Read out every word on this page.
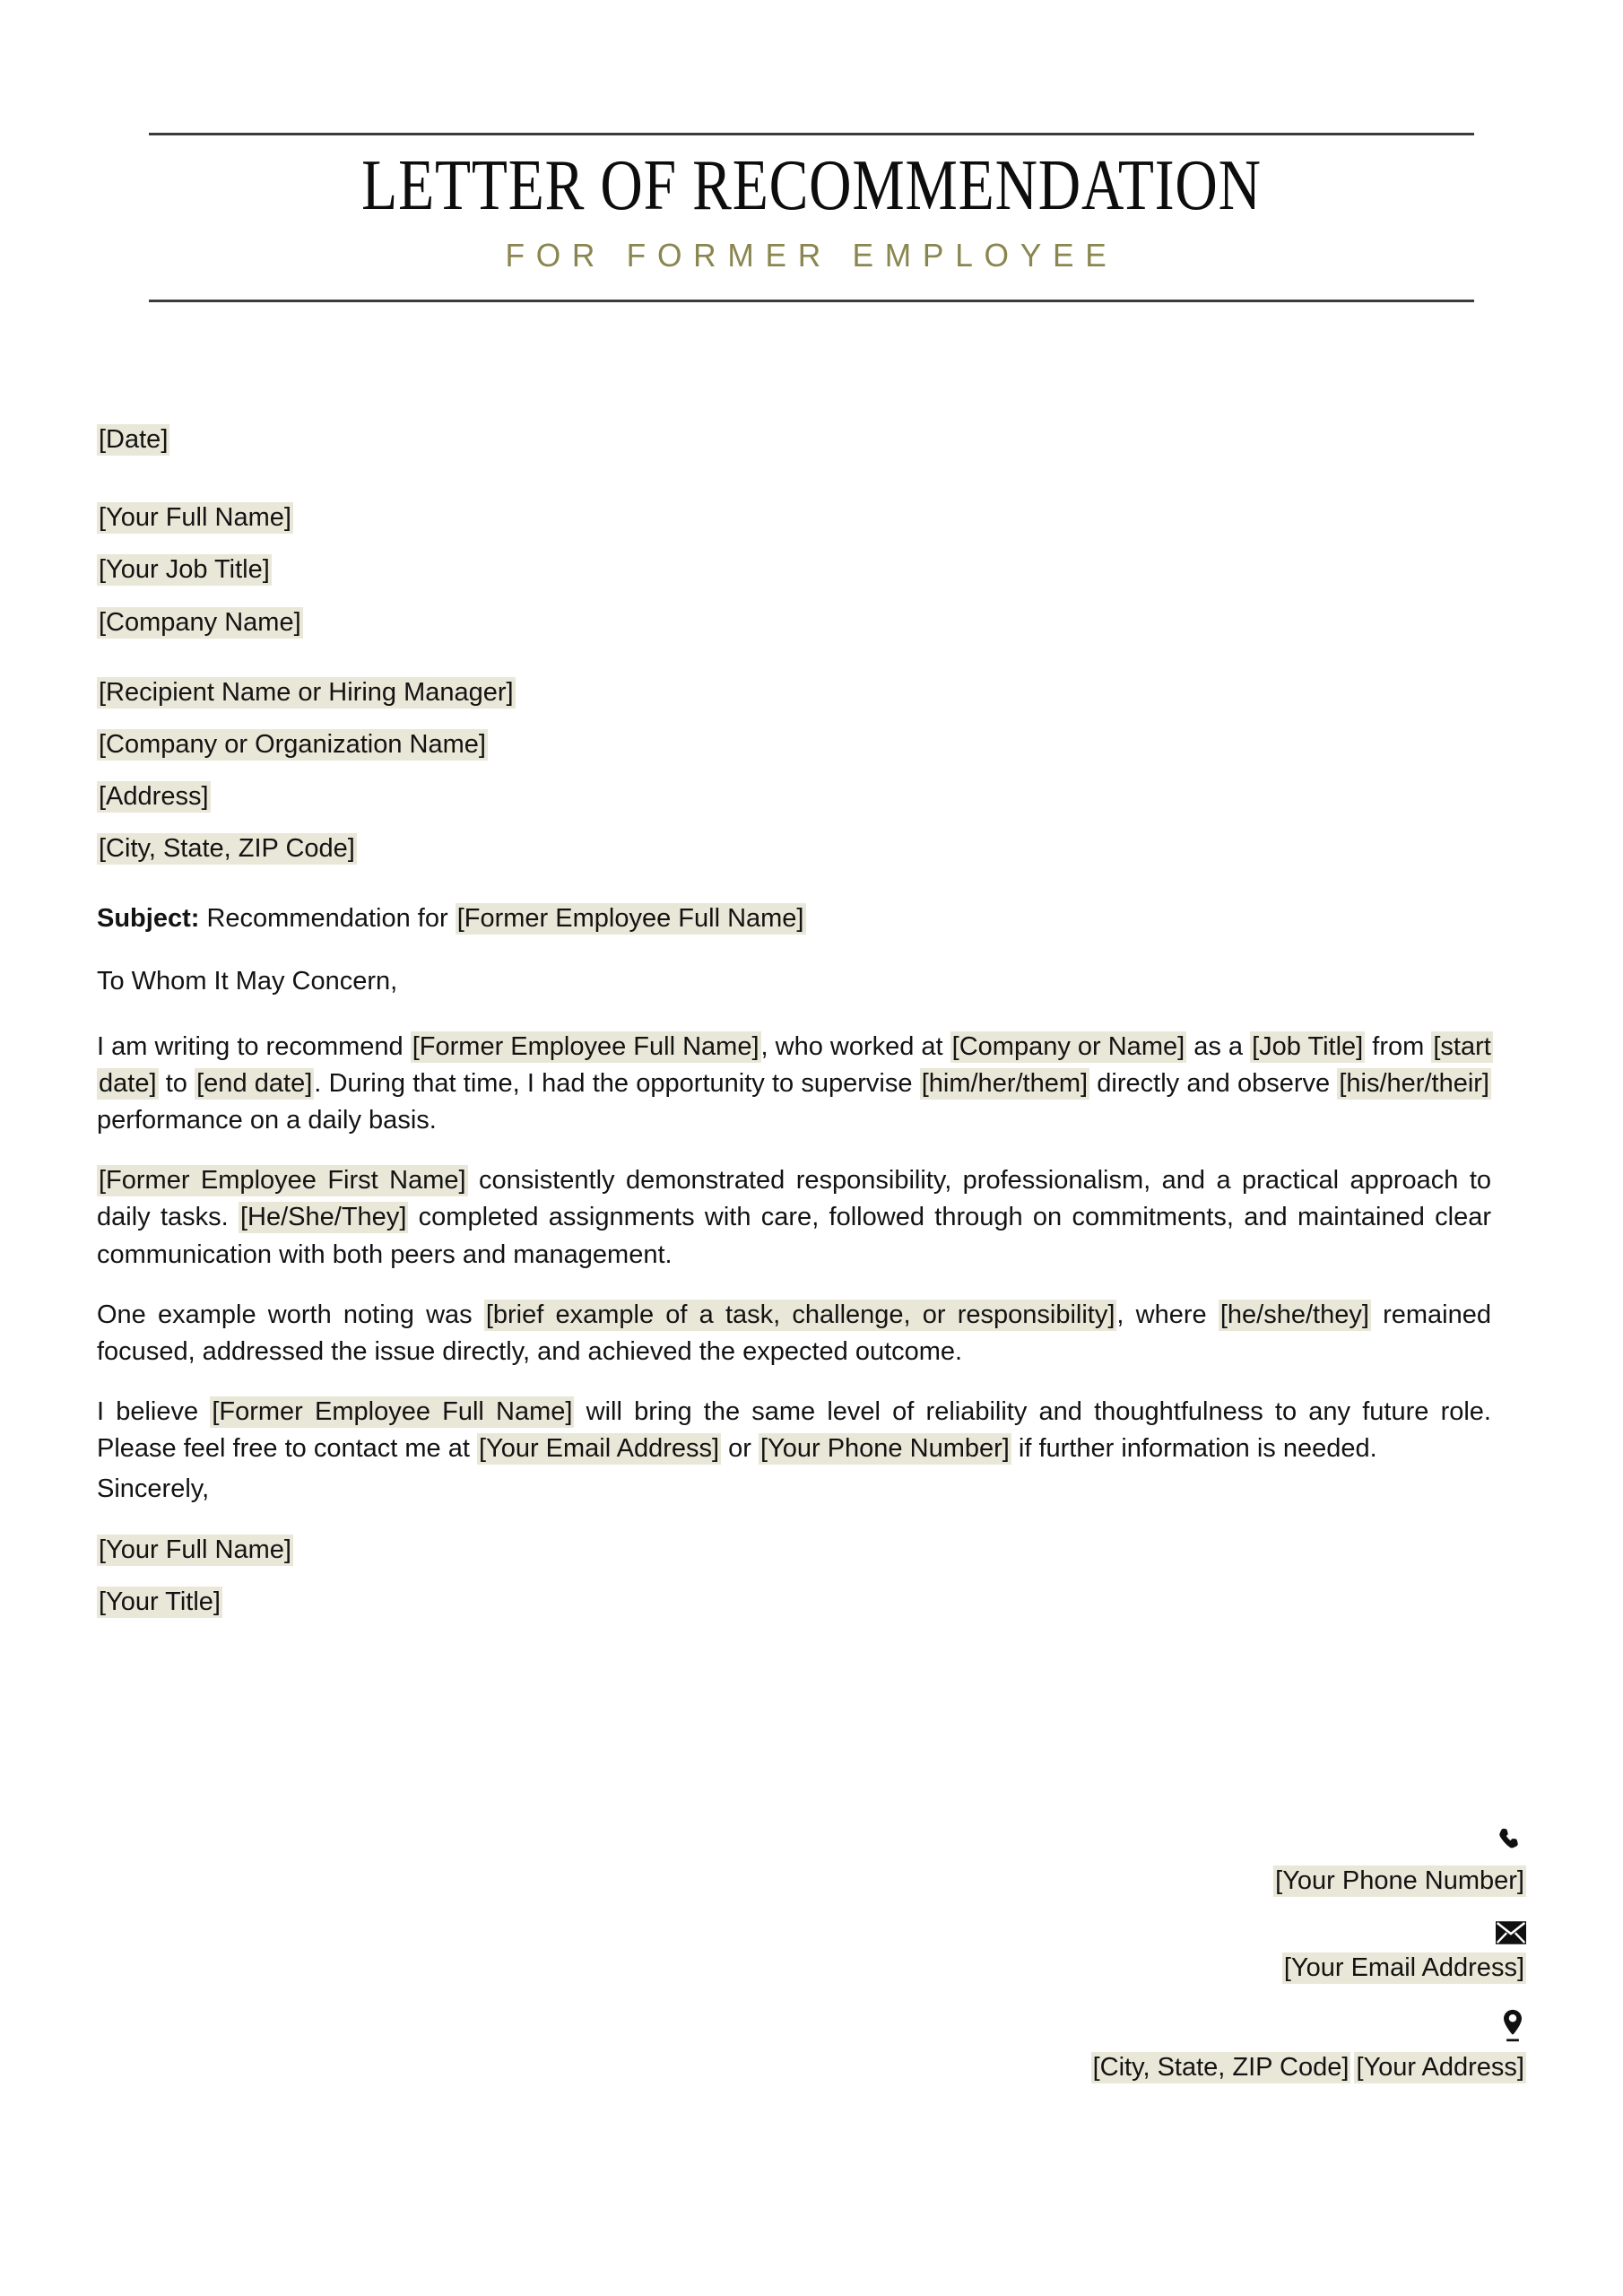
LETTER OF RECOMMENDATION
FOR FORMER EMPLOYEE
[Date]
[Your Full Name]
[Your Job Title]
[Company Name]
[Recipient Name or Hiring Manager]
[Company or Organization Name]
[Address]
[City, State, ZIP Code]
Subject: Recommendation for [Former Employee Full Name]
To Whom It May Concern,

I am writing to recommend [Former Employee Full Name], who worked at [Company or Name] as a [Job Title] from [start date] to [end date]. During that time, I had the opportunity to supervise [him/her/them] directly and observe [his/her/their] performance on a daily basis.

[Former Employee First Name] consistently demonstrated responsibility, professionalism, and a practical approach to daily tasks. [He/She/They] completed assignments with care, followed through on commitments, and maintained clear communication with both peers and management.

One example worth noting was [brief example of a task, challenge, or responsibility], where [he/she/they] remained focused, addressed the issue directly, and achieved the expected outcome.

I believe [Former Employee Full Name] will bring the same level of reliability and thoughtfulness to any future role. Please feel free to contact me at [Your Email Address] or [Your Phone Number] if further information is needed.

Sincerely,
[Your Full Name]
[Your Title]
[Your Phone Number]
[Your Email Address]
[City, State, ZIP Code] [Your Address]
